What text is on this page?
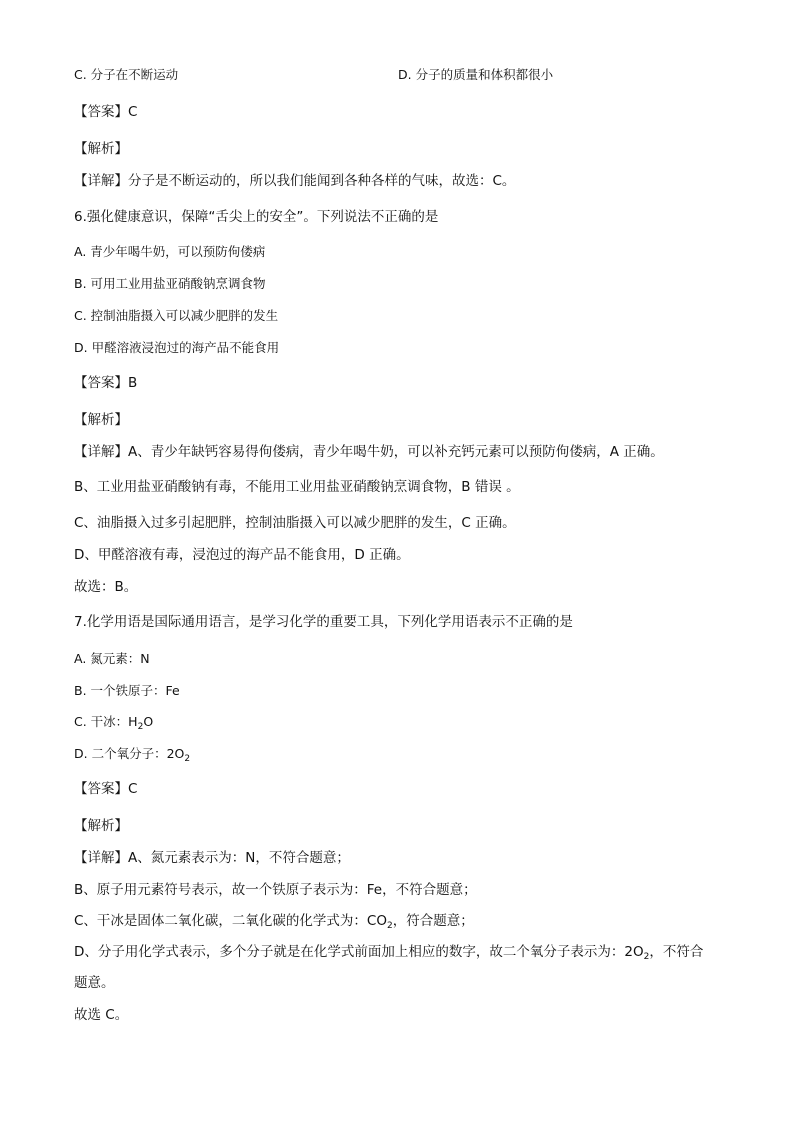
C. 分子在不断运动	D. 分子的质量和体积都很小
【答案】C
【解析】
【详解】分子是不断运动的，所以我们能闻到各种各样的气味，故选：C。
6.强化健康意识，保障“舌尖上的安全”。下列说法不正确的是
A. 青少年喝牛奶，可以预防佝偻病
B. 可用工业用盐亚硝酸钠烹调食物
C. 控制油脂摄入可以减少肥胖的发生
D. 甲醛溶液浸泡过的海产品不能食用
【答案】B
【解析】
【详解】A、青少年缺钙容易得佝偻病，青少年喝牛奶，可以补充钙元素可以预防佝偻病，A 正确。
B、工业用盐亚硝酸钠有毒，不能用工业用盐亚硝酸钠烹调食物，B 错误 。
C、油脂摄入过多引起肥胖，控制油脂摄入可以减少肥胖的发生，C 正确。
D、甲醛溶液有毒，浸泡过的海产品不能食用，D 正确。
故选：B。
7.化学用语是国际通用语言，是学习化学的重要工具，下列化学用语表示不正确的是
A. 氮元素：N
B. 一个铁原子：Fe
C. 干冰：$H_2O$
D. 二个氧分子：$2O_2$
【答案】C
【解析】
【详解】A、氮元素表示为：N，不符合题意；
B、原子用元素符号表示，故一个铁原子表示为：Fe，不符合题意；
C、干冰是固体二氧化碳，二氧化碳的化学式为：$CO_2$，符合题意；
D、分子用化学式表示，多个分子就是在化学式前面加上相应的数字，故二个氧分子表示为：$2O_2$，不符合
题意。
故选 C。
